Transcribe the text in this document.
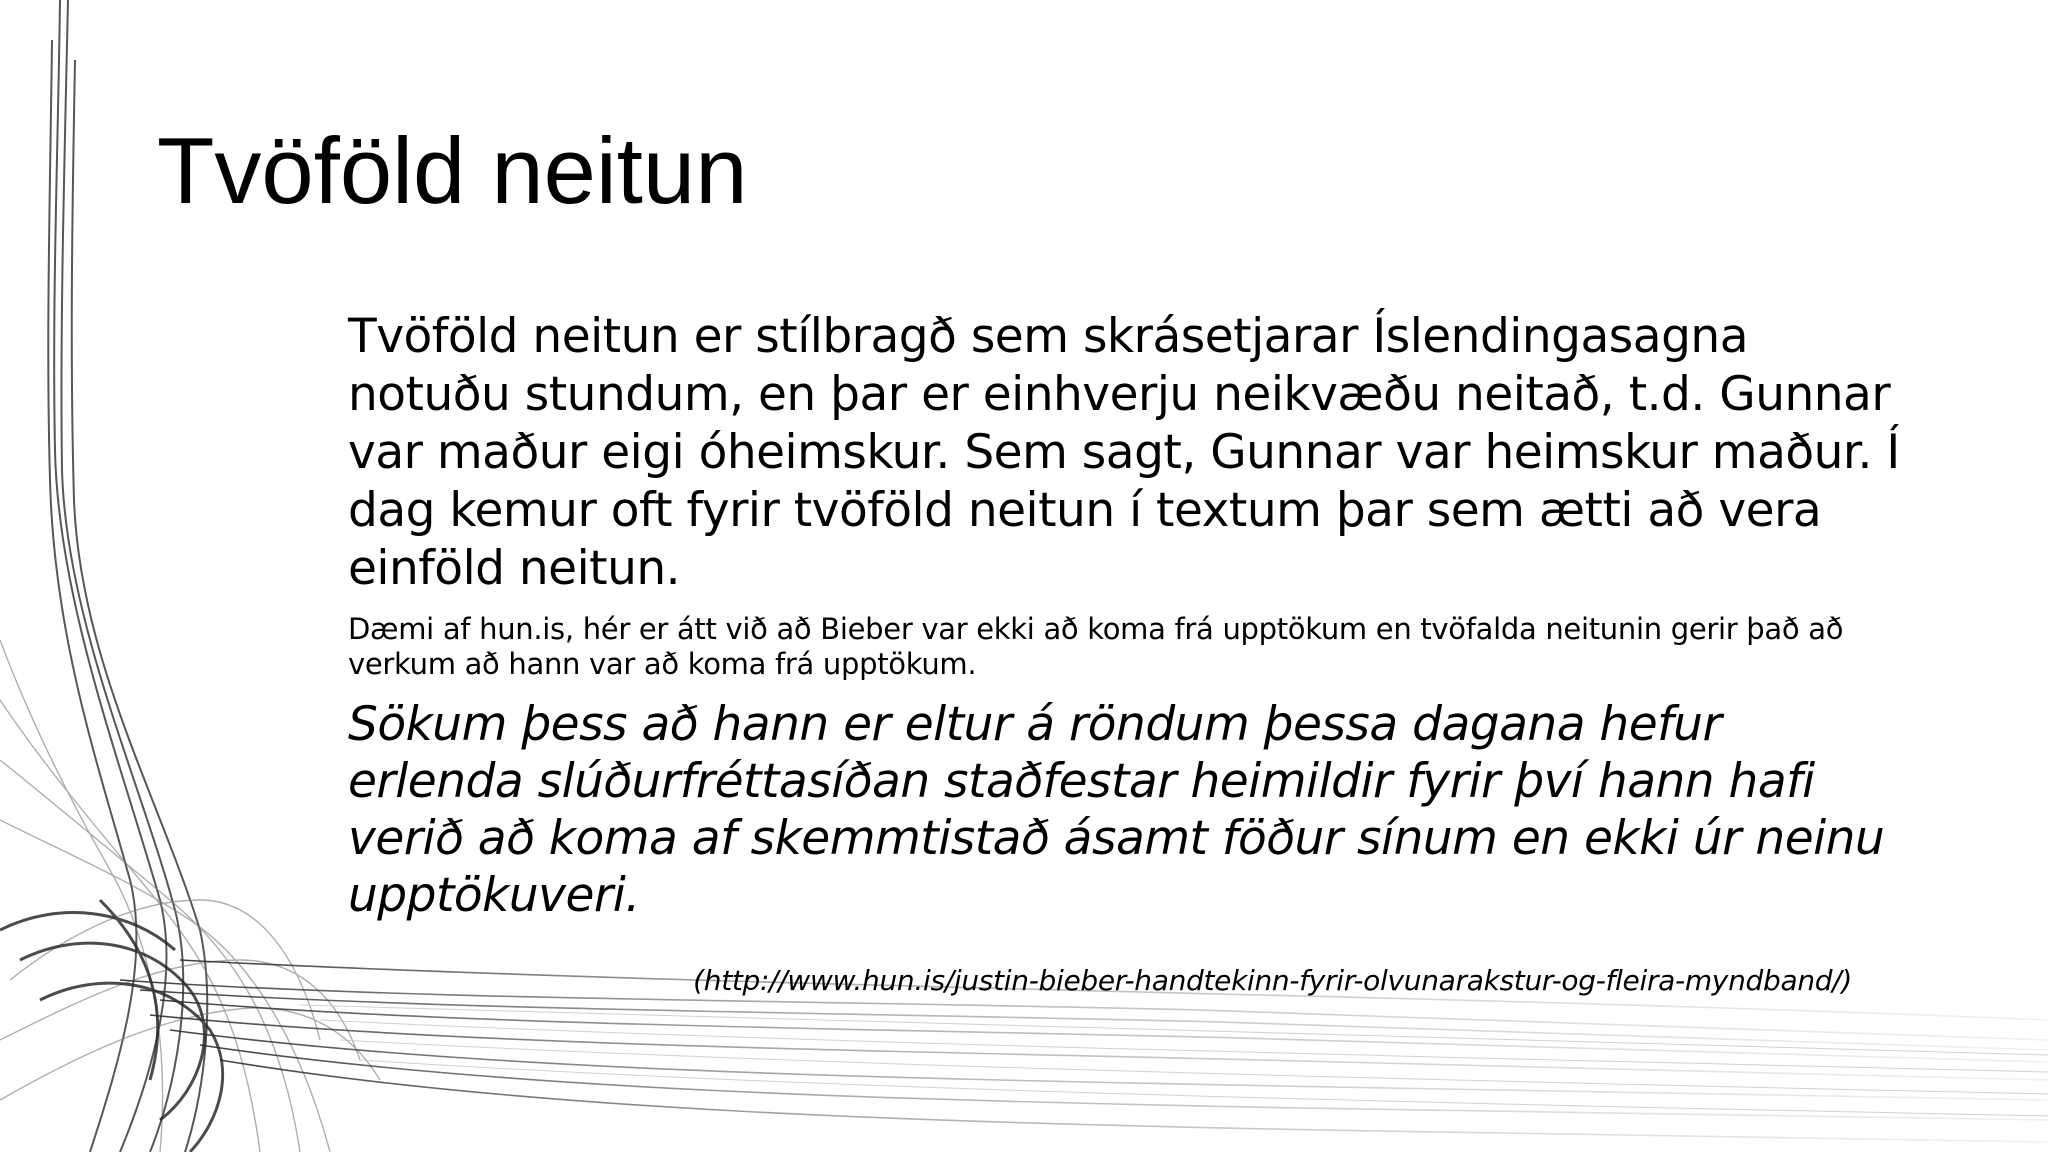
Tvöföld neitun

Tvöföld neitun er stílbragð sem skrásetjarar Íslendingasagna notuðu stundum, en þar er einhverju neikvæðu neitað, t.d. Gunnar var maður eigi óheimskur. Sem sagt, Gunnar var heimskur maður. Í dag kemur oft fyrir tvöföld neitun í textum þar sem ætti að vera einföld neitun.

Dæmi af hun.is, hér er átt við að Bieber var ekki að koma frá upptökum en tvöfalda neitunin gerir það að verkum að hann var að koma frá upptökum.

Sökum þess að hann er eltur á röndum þessa dagana hefur erlenda slúðurfréttasíðan staðfestar heimildir fyrir því hann hafi verið að koma af skemmtistað ásamt föður sínum en ekki úr neinu upptökuveri.

(http://www.hun.is/justin-bieber-handtekinn-fyrir-olvunarakstur-og-fleira-myndband/)
